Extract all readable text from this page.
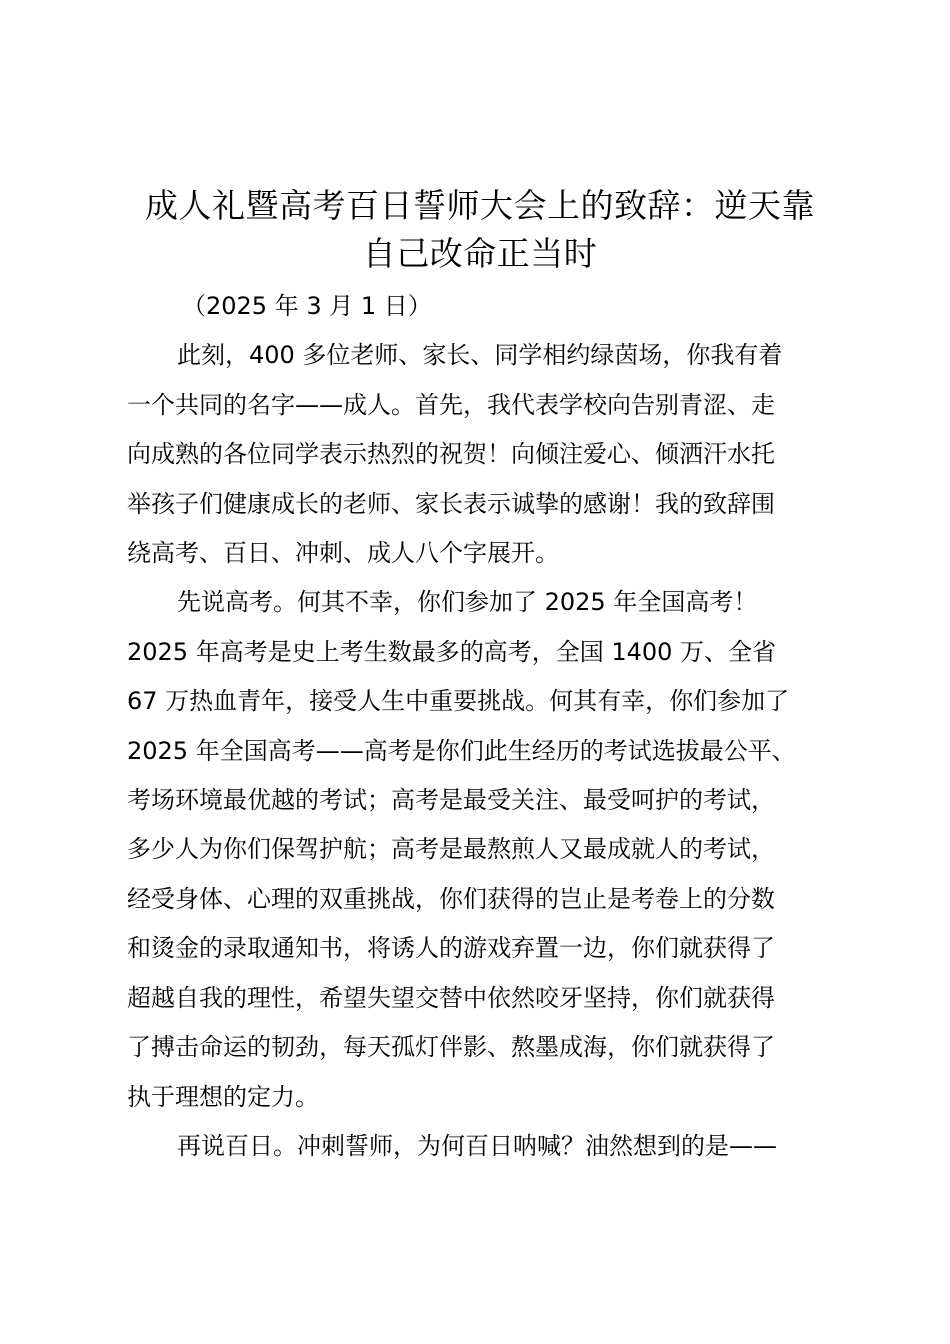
成人礼暨高考百日誓师大会上的致辞：逆天靠
自己改命正当时

（2025 年 3 月 1 日）

此刻，400 多位老师、家长、同学相约绿茵场，你我有着
一个共同的名字——成人。首先，我代表学校向告别青涩、走
向成熟的各位同学表示热烈的祝贺！向倾注爱心、倾洒汗水托
举孩子们健康成长的老师、家长表示诚挚的感谢！我的致辞围
绕高考、百日、冲刺、成人八个字展开。
先说高考。何其不幸，你们参加了 2025 年全国高考！
2025 年高考是史上考生数最多的高考，全国 1400 万、全省
67 万热血青年，接受人生中重要挑战。何其有幸，你们参加了
2025 年全国高考——高考是你们此生经历的考试选拔最公平、
考场环境最优越的考试；高考是最受关注、最受呵护的考试，
多少人为你们保驾护航；高考是最熬煎人又最成就人的考试，
经受身体、心理的双重挑战，你们获得的岂止是考卷上的分数
和烫金的录取通知书，将诱人的游戏弃置一边，你们就获得了
超越自我的理性，希望失望交替中依然咬牙坚持，你们就获得
了搏击命运的韧劲，每天孤灯伴影、熬墨成海，你们就获得了
执于理想的定力。
再说百日。冲刺誓师，为何百日呐喊？油然想到的是——
